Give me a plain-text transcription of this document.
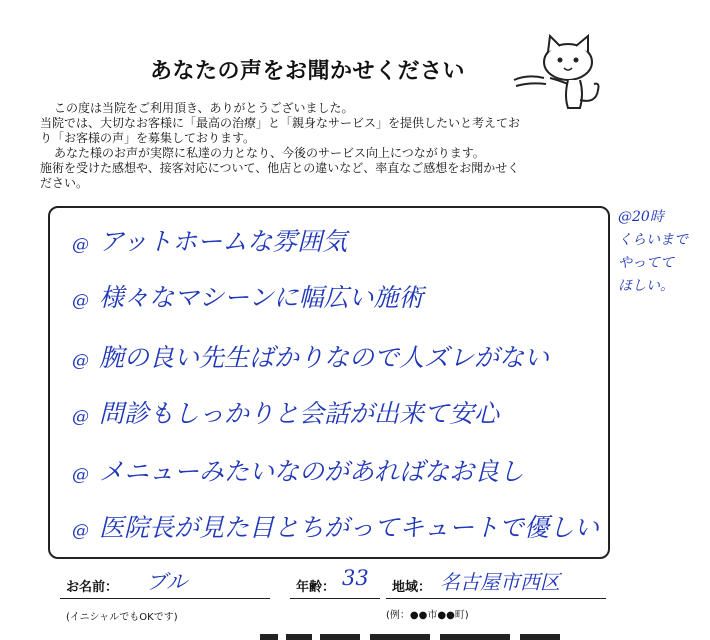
あなたの声をお聞かせください

この度は当院をご利用頂き、ありがとうございました。

当院では、大切なお客様に「最高の治療」と「親身なサービス」を提供したいと考えてお

り「お客様の声」を募集しております。

あなた様のお声が実際に私達の力となり、今後のサービス向上につながります。

施術を受けた感想や、接客対応について、他店との違いなど、率直なご感想をお聞かせく

ださい。

@ アットホームな雰囲気
@ 様々なマシーンに幅広い施術
@ 腕の良い先生ばかりなので人ズレがない
@ 問診もしっかりと会話が出来て安心
@ メニューみたいなのがあればなお良し
@ 医院長が見た目とちがってキュートで優しい
@20時
くらいまで
やってて
ほしい。
お名前： ブル
(イニシャルでもOKです)
年齢： 33 地域： 名古屋市西区
(例：●●市●●町)
